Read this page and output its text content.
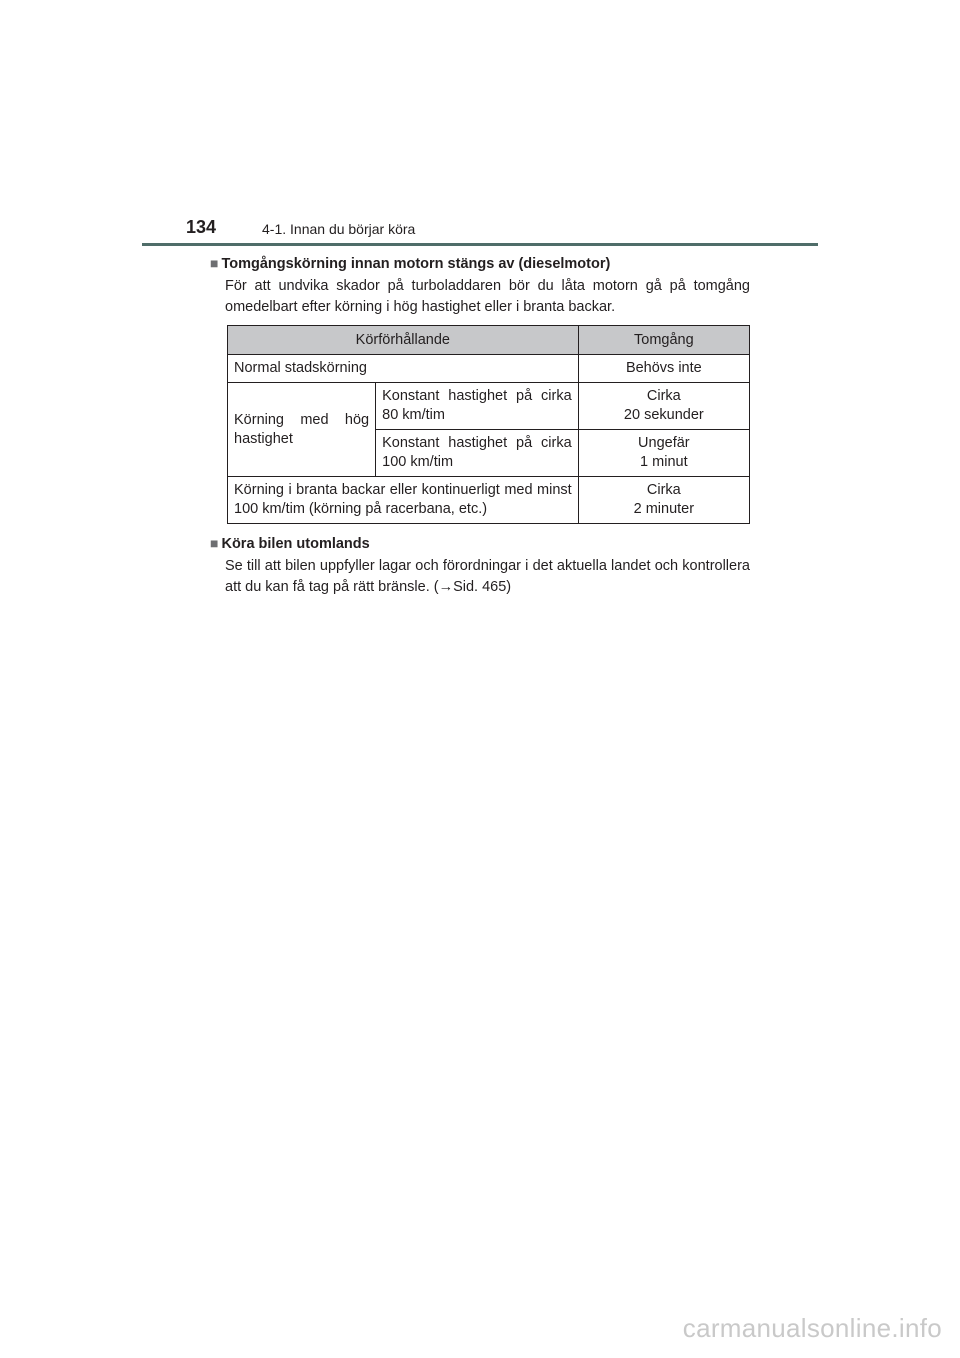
134	4-1. Innan du börjar köra
■ Tomgångskörning innan motorn stängs av (dieselmotor)
För att undvika skador på turboladdaren bör du låta motorn gå på tomgång omedelbart efter körning i hög hastighet eller i branta backar.
Körförhållande		Tomgång
Normal stadskörning		Behövs inte
Körning med hög hastighet	Konstant hastighet på cirka 80 km/tim	Cirka
20 sekunder

	Konstant hastighet på cirka 100 km/tim	Ungefär
1 minut

Körning i branta backar eller kontinuerligt med minst 100 km/tim (körning på racerbana, etc.)		Cirka
2 minuter
■ Köra bilen utomlands
Se till att bilen uppfyller lagar och förordningar i det aktuella landet och kontrollera att du kan få tag på rätt bränsle. (→Sid. 465)
carmanualsonline.info
